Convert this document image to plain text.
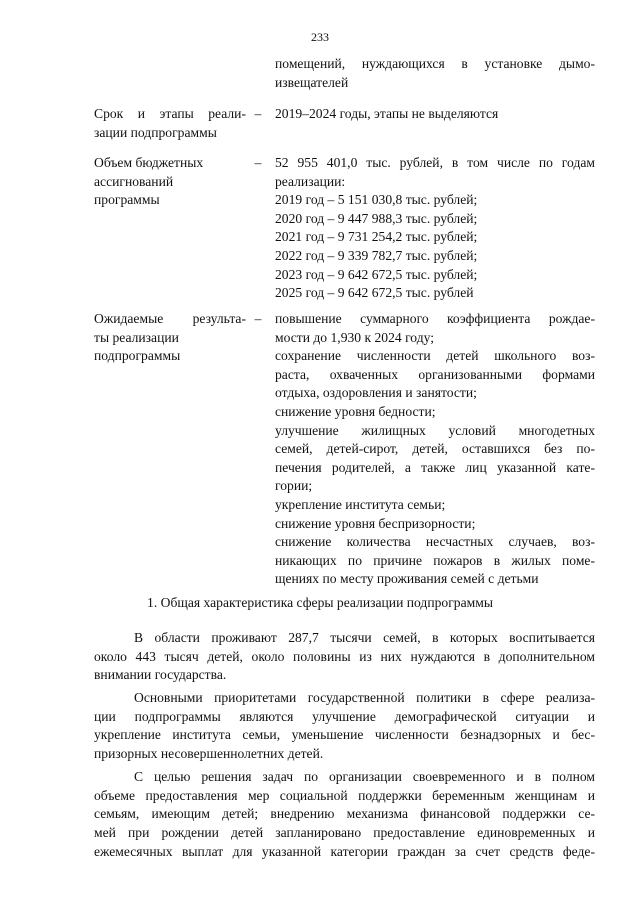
233
помещений, нуждающихся в установке дымо-
извещателей
Срок и этапы реали-
зации подпрограммы
– 2019–2024 годы, этапы не выделяются
Объем бюджетных
ассигнований
программы
– 52 955 401,0 тыс. рублей, в том числе по годам
реализации:
2019 год – 5 151 030,8 тыс. рублей;
2020 год – 9 447 988,3 тыс. рублей;
2021 год – 9 731 254,2 тыс. рублей;
2022 год – 9 339 782,7 тыс. рублей;
2023 год – 9 642 672,5 тыс. рублей;
2025 год – 9 642 672,5 тыс. рублей
Ожидаемые результа-
ты реализации
подпрограммы
– повышение суммарного коэффициента рождае-
мости до 1,930 к 2024 году;
сохранение численности детей школьного воз-
раста, охваченных организованными формами
отдыха, оздоровления и занятости;
снижение уровня бедности;
улучшение жилищных условий многодетных
семей, детей-сирот, детей, оставшихся без по-
печения родителей, а также лиц указанной катe-
гории;
укрепление института семьи;
снижение уровня беспризорности;
снижение количества несчастных случаев, воз-
никающих по причине пожаров в жилых поме-
щениях по месту проживания семей с детьми
1. Общая характеристика сферы реализации подпрограммы
В области проживают 287,7 тысячи семей, в которых воспитывается
около 443 тысяч детей, около половины из них нуждаются в дополнительном
внимании государства.
Основными приоритетами государственной политики в сфере реализа-
ции подпрограммы являются улучшение демографической ситуации и
укрепление института семьи, уменьшение численности безнадзорных и бес-
призорных несовершеннолетних детей.
С целью решения задач по организации своевременного и в полном
объеме предоставления мер социальной поддержки беременным женщинам и
семьям, имеющим детей; внедрению механизма финансовой поддержки се-
мей при рождении детей запланировано предоставление единовременных и
ежемесячных выплат для указанной категории граждан за счет средств феде-
